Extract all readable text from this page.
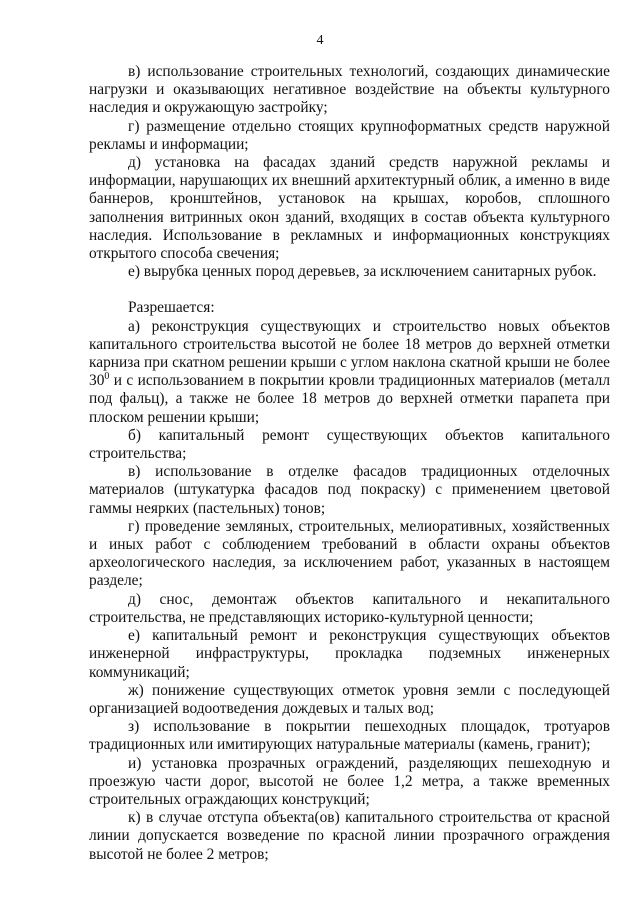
4

в) использование строительных технологий, создающих динамические нагрузки и оказывающих негативное воздействие на объекты культурного наследия и окружающую застройку;

г) размещение отдельно стоящих крупноформатных средств наружной рекламы и информации;

д) установка на фасадах зданий средств наружной рекламы и информации, нарушающих их внешний архитектурный облик, а именно в виде баннеров, кронштейнов, установок на крышах, коробов, сплошного заполнения витринных окон зданий, входящих в состав объекта культурного наследия. Использование в рекламных и информационных конструкциях открытого способа свечения;

е) вырубка ценных пород деревьев, за исключением санитарных рубок.

Разрешается:

а) реконструкция существующих и строительство новых объектов капитального строительства высотой не более 18 метров до верхней отметки карниза при скатном решении крыши с углом наклона скатной крыши не более $30^0$ и с использованием в покрытии кровли традиционных материалов (металл под фальц), а также не более 18 метров до верхней отметки парапета при плоском решении крыши;

б) капитальный ремонт существующих объектов капитального строительства;

в) использование в отделке фасадов традиционных отделочных материалов (штукатурка фасадов под покраску) с применением цветовой гаммы неярких (пастельных) тонов;

г) проведение земляных, строительных, мелиоративных, хозяйственных и иных работ с соблюдением требований в области охраны объектов археологического наследия, за исключением работ, указанных в настоящем разделе;

д) снос, демонтаж объектов капитального и некапитального строительства, не представляющих историко-культурной ценности;

е) капитальный ремонт и реконструкция существующих объектов инженерной инфраструктуры, прокладка подземных инженерных коммуникаций;

ж) понижение существующих отметок уровня земли с последующей организацией водоотведения дождевых и талых вод;

з) использование в покрытии пешеходных площадок, тротуаров традиционных или имитирующих натуральные материалы (камень, гранит);

и) установка прозрачных ограждений, разделяющих пешеходную и проезжую части дорог, высотой не более 1,2 метра, а также временных строительных ограждающих конструкций;

к) в случае отступа объекта(ов) капитального строительства от красной линии допускается возведение по красной линии прозрачного ограждения высотой не более 2 метров;
